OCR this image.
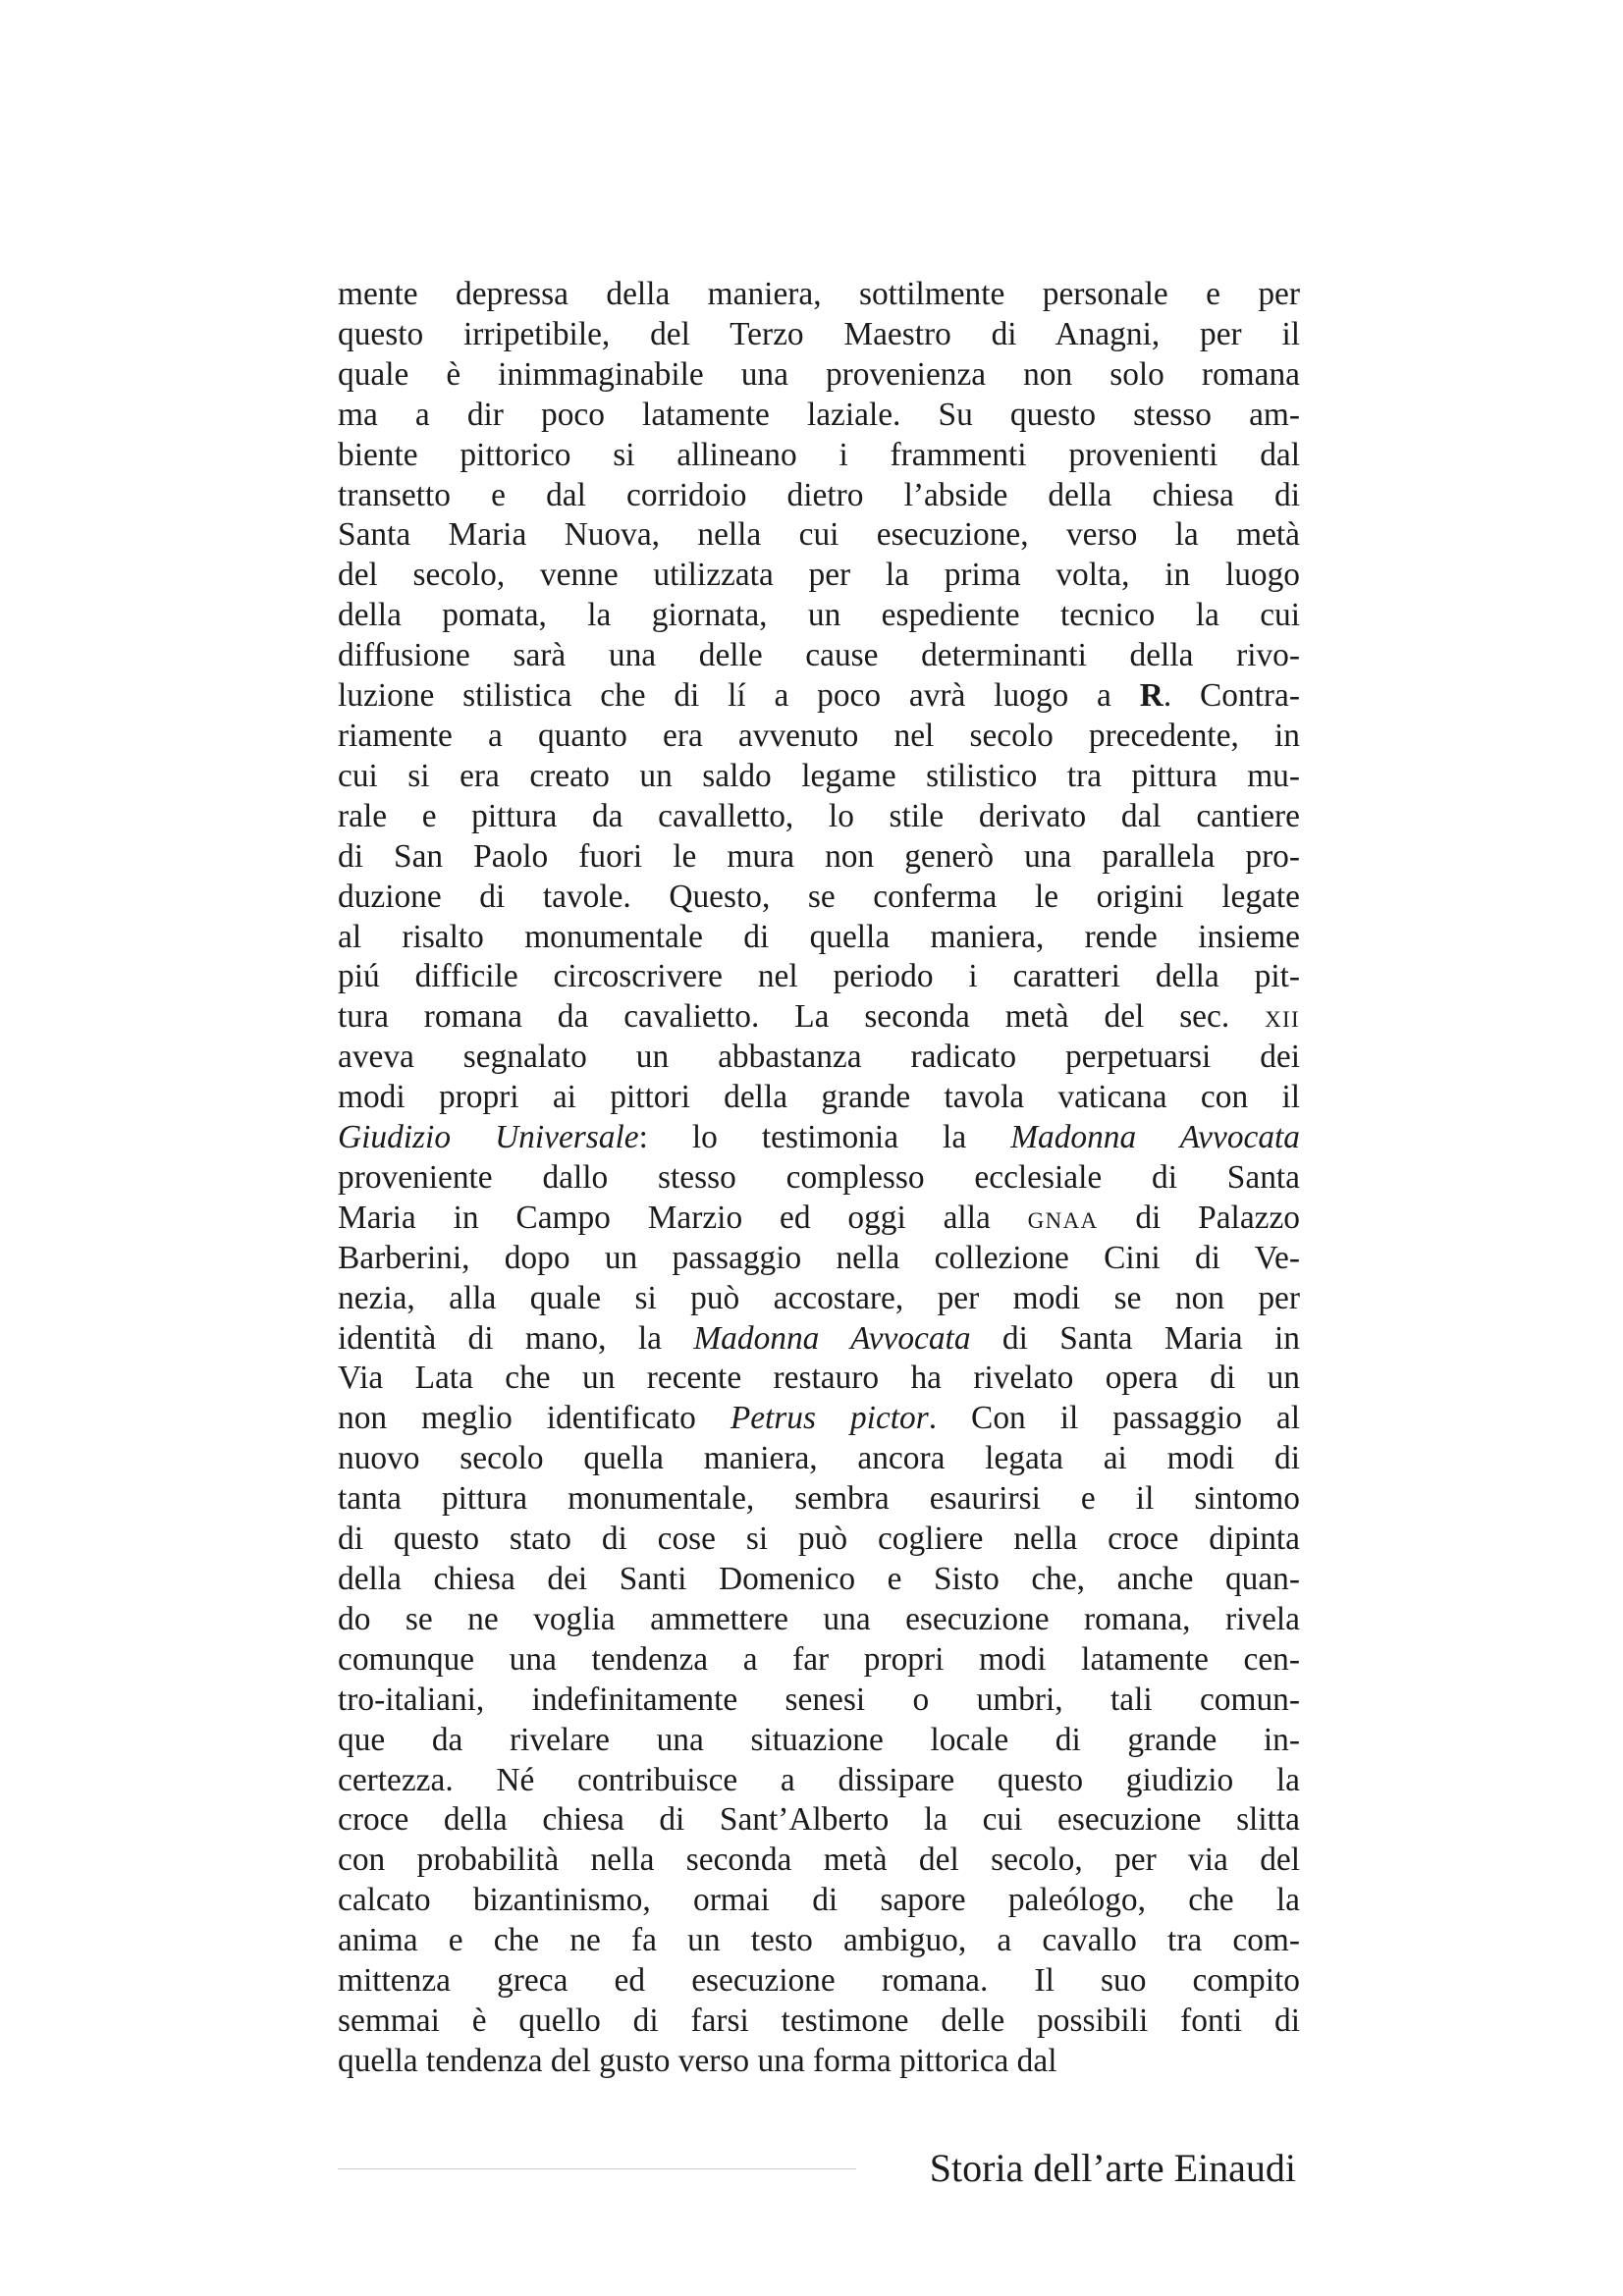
mente depressa della maniera, sottilmente personale e per
questo irripetibile, del Terzo Maestro di Anagni, per il
quale è inimmaginabile una provenienza non solo romana
ma a dir poco latamente laziale. Su questo stesso am-
biente pittorico si allineano i frammenti provenienti dal
transetto e dal corridoio dietro l’abside della chiesa di
Santa Maria Nuova, nella cui esecuzione, verso la metà
del secolo, venne utilizzata per la prima volta, in luogo
della pomata, la giornata, un espediente tecnico la cui
diffusione sarà una delle cause determinanti della rivo-
luzione stilistica che di lí a poco avrà luogo a R. Contra-
riamente a quanto era avvenuto nel secolo precedente, in
cui si era creato un saldo legame stilistico tra pittura mu-
rale e pittura da cavalletto, lo stile derivato dal cantiere
di San Paolo fuori le mura non generò una parallela pro-
duzione di tavole. Questo, se conferma le origini legate
al risalto monumentale di quella maniera, rende insieme
piú difficile circoscrivere nel periodo i caratteri della pit-
tura romana da cavalietto. La seconda metà del sec. xii
aveva segnalato un abbastanza radicato perpetuarsi dei
modi propri ai pittori della grande tavola vaticana con il
Giudizio Universale: lo testimonia la Madonna Avvocata
proveniente dallo stesso complesso ecclesiale di Santa
Maria in Campo Marzio ed oggi alla gnaa di Palazzo
Barberini, dopo un passaggio nella collezione Cini di Ve-
nezia, alla quale si può accostare, per modi se non per
identità di mano, la Madonna Avvocata di Santa Maria in
Via Lata che un recente restauro ha rivelato opera di un
non meglio identificato Petrus pictor. Con il passaggio al
nuovo secolo quella maniera, ancora legata ai modi di
tanta pittura monumentale, sembra esaurirsi e il sintomo
di questo stato di cose si può cogliere nella croce dipinta
della chiesa dei Santi Domenico e Sisto che, anche quan-
do se ne voglia ammettere una esecuzione romana, rivela
comunque una tendenza a far propri modi latamente cen-
tro-italiani, indefinitamente senesi o umbri, tali comun-
que da rivelare una situazione locale di grande in-
certezza. Né contribuisce a dissipare questo giudizio la
croce della chiesa di Sant’Alberto la cui esecuzione slitta
con probabilità nella seconda metà del secolo, per via del
calcato bizantinismo, ormai di sapore paleólogo, che la
anima e che ne fa un testo ambiguo, a cavallo tra com-
mittenza greca ed esecuzione romana. Il suo compito
semmai è quello di farsi testimone delle possibili fonti di
quella tendenza del gusto verso una forma pittorica dal
Storia dell’arte Einaudi
